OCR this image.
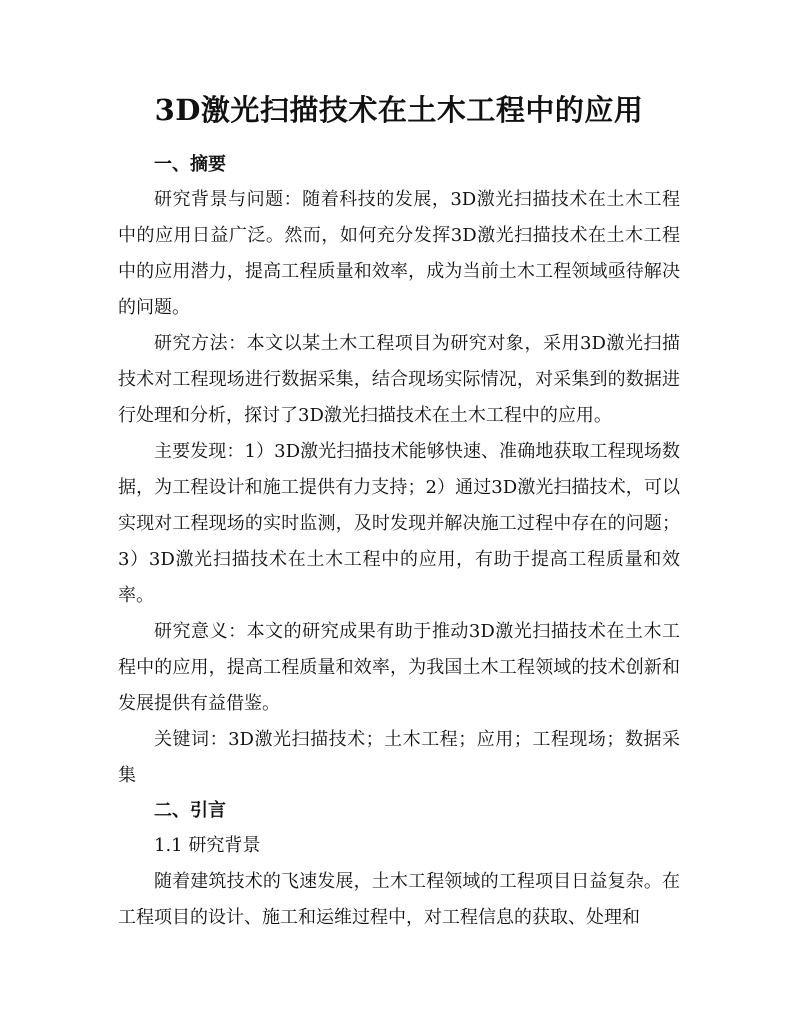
3D激光扫描技术在土木工程中的应用
一、摘要

研究背景与问题：随着科技的发展，3D激光扫描技术在土木工程中的应用日益广泛。然而，如何充分发挥3D激光扫描技术在土木工程中的应用潜力，提高工程质量和效率，成为当前土木工程领域亟待解决的问题。

研究方法：本文以某土木工程项目为研究对象，采用3D激光扫描技术对工程现场进行数据采集，结合现场实际情况，对采集到的数据进行处理和分析，探讨了3D激光扫描技术在土木工程中的应用。

主要发现：1）3D激光扫描技术能够快速、准确地获取工程现场数据，为工程设计和施工提供有力支持；2）通过3D激光扫描技术，可以实现对工程现场的实时监测，及时发现并解决施工过程中存在的问题；3）3D激光扫描技术在土木工程中的应用，有助于提高工程质量和效率。

研究意义：本文的研究成果有助于推动3D激光扫描技术在土木工程中的应用，提高工程质量和效率，为我国土木工程领域的技术创新和发展提供有益借鉴。

关键词：3D激光扫描技术；土木工程；应用；工程现场；数据采集

二、引言

1.1 研究背景

随着建筑技术的飞速发展，土木工程领域的工程项目日益复杂。在工程项目的设计、施工和运维过程中，对工程信息的获取、处理和
